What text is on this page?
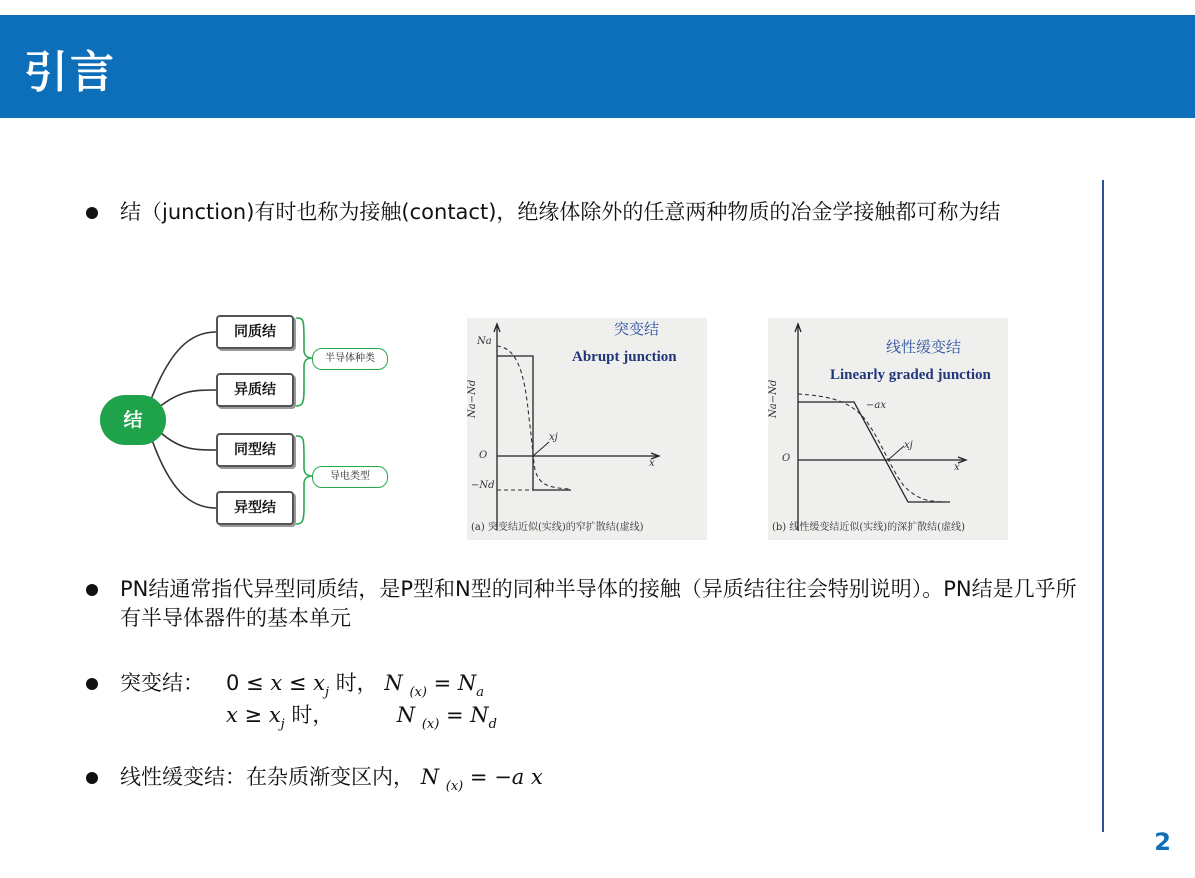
引言
2
结（junction)有时也称为接触(contact)，绝缘体除外的任意两种物质的冶金学接触都可称为结
结
同质结
异质结
同型结
异型结
半导体种类
导电类型
Na
Na−Nd
O
−Nd
xj
x
(a) 突变结近似(实线)的窄扩散结(虚线)
突变结
Abrupt junction
Na−Nd	−ax
O
xj
x
(b) 线性缓变结近似(实线)的深扩散结(虚线)
线性缓变结
Linearly graded junction
PN结通常指代异型同质结，是P型和N型的同种半导体的接触（异质结往往会特别说明）。PN结是几乎所有半导体器件的基本单元
突变结： $0 \le x \le x_j$ 时， N $_{(x)} = N_a$
$x \ge x_j$ 时，	N $_{(x)} = N_d$
线性缓变结：在杂质渐变区内， N $_{(x)}$ = −a x
